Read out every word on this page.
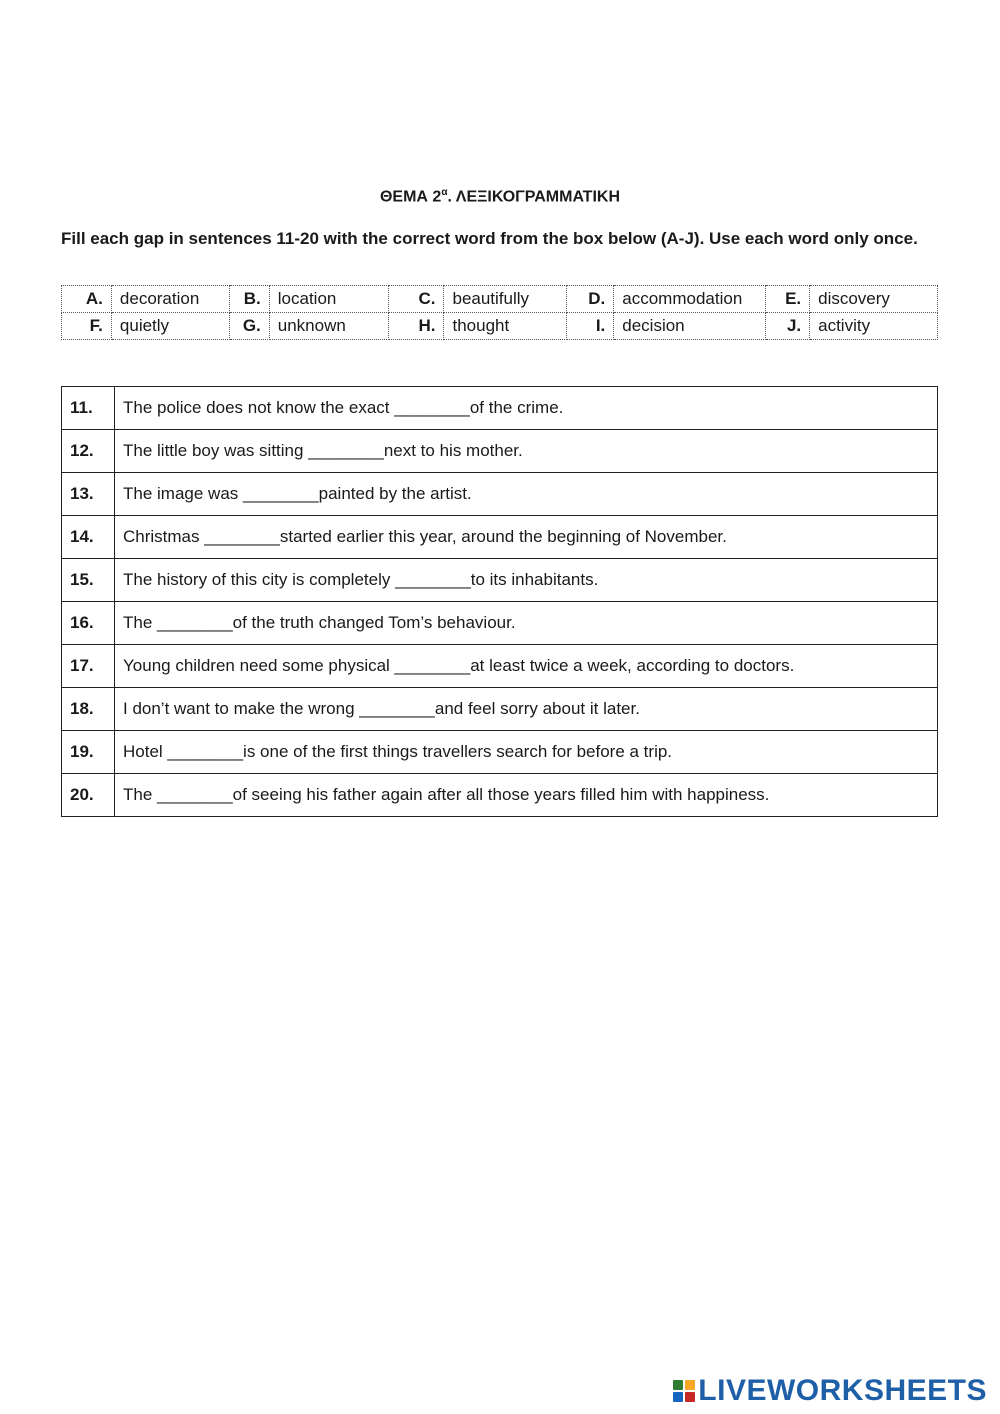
ΘΕΜΑ $2^\alpha$. ΛΕΞΙΚΟΓΡΑΜΜΑΤΙΚΗ
Fill each gap in sentences 11-20 with the correct word from the box below (A-J). Use each word only once.
A.	decoration	B.	location	C.	beautifully	D.	accommodation	E.	discovery
F.	quietly	G.	unknown	H.	thought	I.	decision	J.	activity
11.	The police does not know the exact ________of the crime.
12.	The little boy was sitting ________next to his mother.
13.	The image was ________painted by the artist.
14.	Christmas ________started earlier this year, around the beginning of November.
15.	The history of this city is completely ________to its inhabitants.
16.	The ________of the truth changed Tom’s behaviour.
17.	Young children need some physical ________at least twice a week, according to doctors.
18.	I don’t want to make the wrong ________and feel sorry about it later.
19.	Hotel ________is one of the first things travellers search for before a trip.
20.	The ________of seeing his father again after all those years filled him with happiness.
LIVEWORKSHEETS
